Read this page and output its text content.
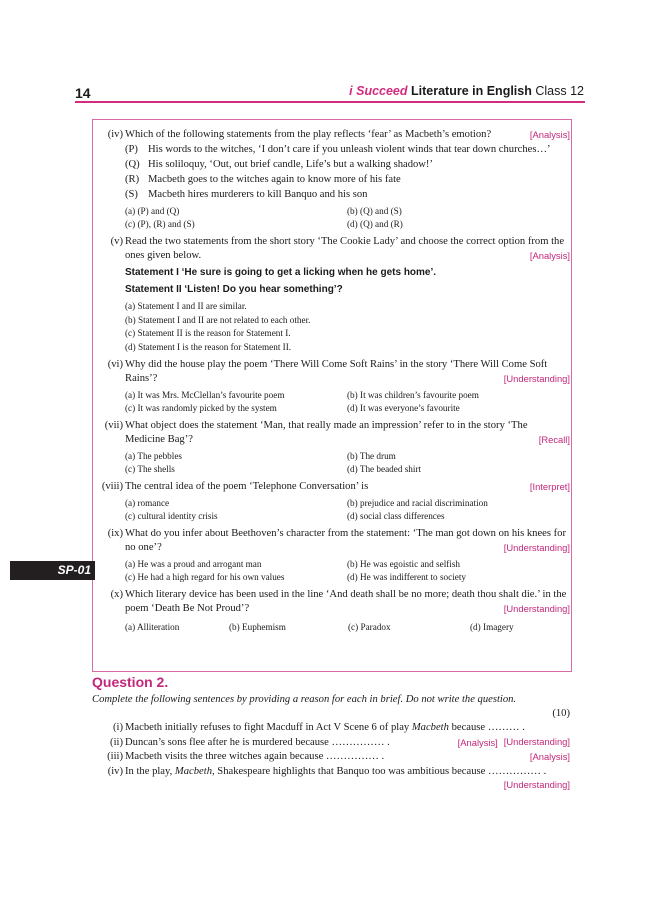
14	i Succeed Literature in English Class 12
SP-01
(iv)	[Analysis]
Which of the following statements from the play reflects ‘fear’ as Macbeth’s emotion?
(P) His words to the witches, ‘I don’t care if you unleash violent winds that tear down churches…’
(Q) His soliloquy, ‘Out, out brief candle, Life’s but a walking shadow!’
(R) Macbeth goes to the witches again to know more of his fate
(S) Macbeth hires murderers to kill Banquo and his son
(a) (P) and (Q)	(b) (Q) and (S)
(c) (P), (R) and (S)	(d) (Q) and (R)
(v) Read the two statements from the short story ‘The Cookie Lady’ and choose the correct option from the ones given below.	[Analysis]
Statement I ‘He sure is going to get a licking when he gets home’.
Statement II ‘Listen! Do you hear something’?
(a) Statement I and II are similar.
(b) Statement I and II are not related to each other.
(c) Statement II is the reason for Statement I.
(d) Statement I is the reason for Statement II.
(vi) Why did the house play the poem ‘There Will Come Soft Rains’ in the story ‘There Will Come Soft Rains’?	[Understanding]
(a) It was Mrs. McClellan’s favourite poem	(b) It was children’s favourite poem
(c) It was randomly picked by the system	(d) It was everyone’s favourite
(vii) What object does the statement ‘Man, that really made an impression’ refer to in the story ‘The Medicine Bag’?	[Recall]
(a) The pebbles	(b) The drum
(c) The shells	(d) The beaded shirt
(viii)	[Interpret]
The central idea of the poem ‘Telephone Conversation’ is
(a) romance	(b) prejudice and racial discrimination
(c) cultural identity crisis	(d) social class differences
(ix) What do you infer about Beethoven’s character from the statement: ‘The man got down on his knees for no one’?	[Understanding]
(a) He was a proud and arrogant man	(b) He was egoistic and selfish
(c) He had a high regard for his own values	(d) He was indifferent to society
(x) Which literary device has been used in the line ‘And death shall be no more; death thou shalt die.’ in the poem ‘Death Be Not Proud’?	[Understanding]
(a) Alliteration	(b) Euphemism	(c) Paradox	(d) Imagery
Question 2.
Complete the following sentences by providing a reason for each in brief. Do not write the question.
(10)
(i) Macbeth initially refuses to fight Macduff in Act V Scene 6 of play Macbeth because ……… .
[Understanding]
(ii)	[Analysis]
Duncan’s sons flee after he is murdered because …………… .
(iii)	[Analysis]
Macbeth visits the three witches again because …………… .
(iv) In the play, Macbeth, Shakespeare highlights that Banquo too was ambitious because …………… .
[Understanding]
